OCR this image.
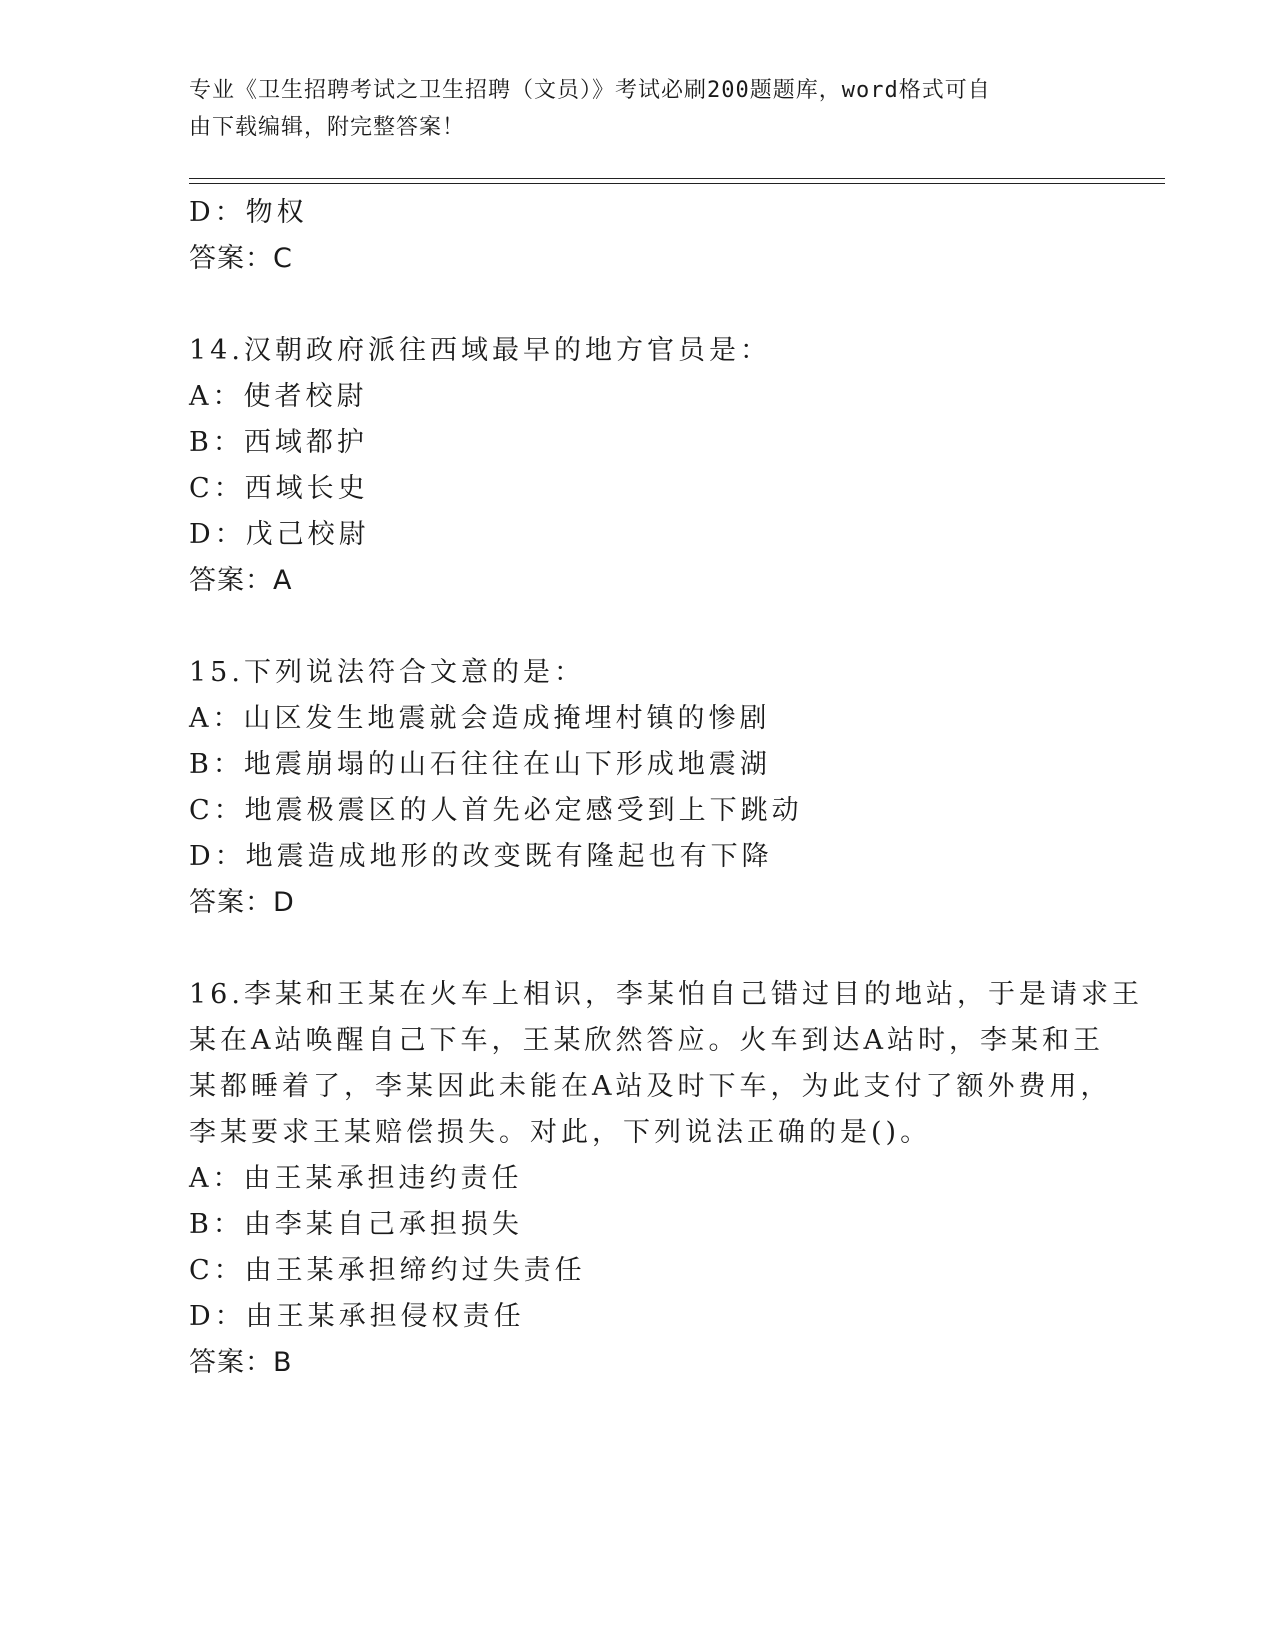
专业《卫生招聘考试之卫生招聘（文员）》考试必刷200题题库，word格式可自
由下载编辑，附完整答案！
D：物权
答案：C
14.汉朝政府派往西域最早的地方官员是：
A：使者校尉
B：西域都护
C：西域长史
D：戊己校尉
答案：A
15.下列说法符合文意的是：
A：山区发生地震就会造成掩埋村镇的惨剧
B：地震崩塌的山石往往在山下形成地震湖
C：地震极震区的人首先必定感受到上下跳动
D：地震造成地形的改变既有隆起也有下降
答案：D
16.李某和王某在火车上相识，李某怕自己错过目的地站，于是请求王
某在A站唤醒自己下车，王某欣然答应。火车到达A站时，李某和王
某都睡着了，李某因此未能在A站及时下车，为此支付了额外费用，
李某要求王某赔偿损失。对此，下列说法正确的是()。
A：由王某承担违约责任
B：由李某自己承担损失
C：由王某承担缔约过失责任
D：由王某承担侵权责任
答案：B
